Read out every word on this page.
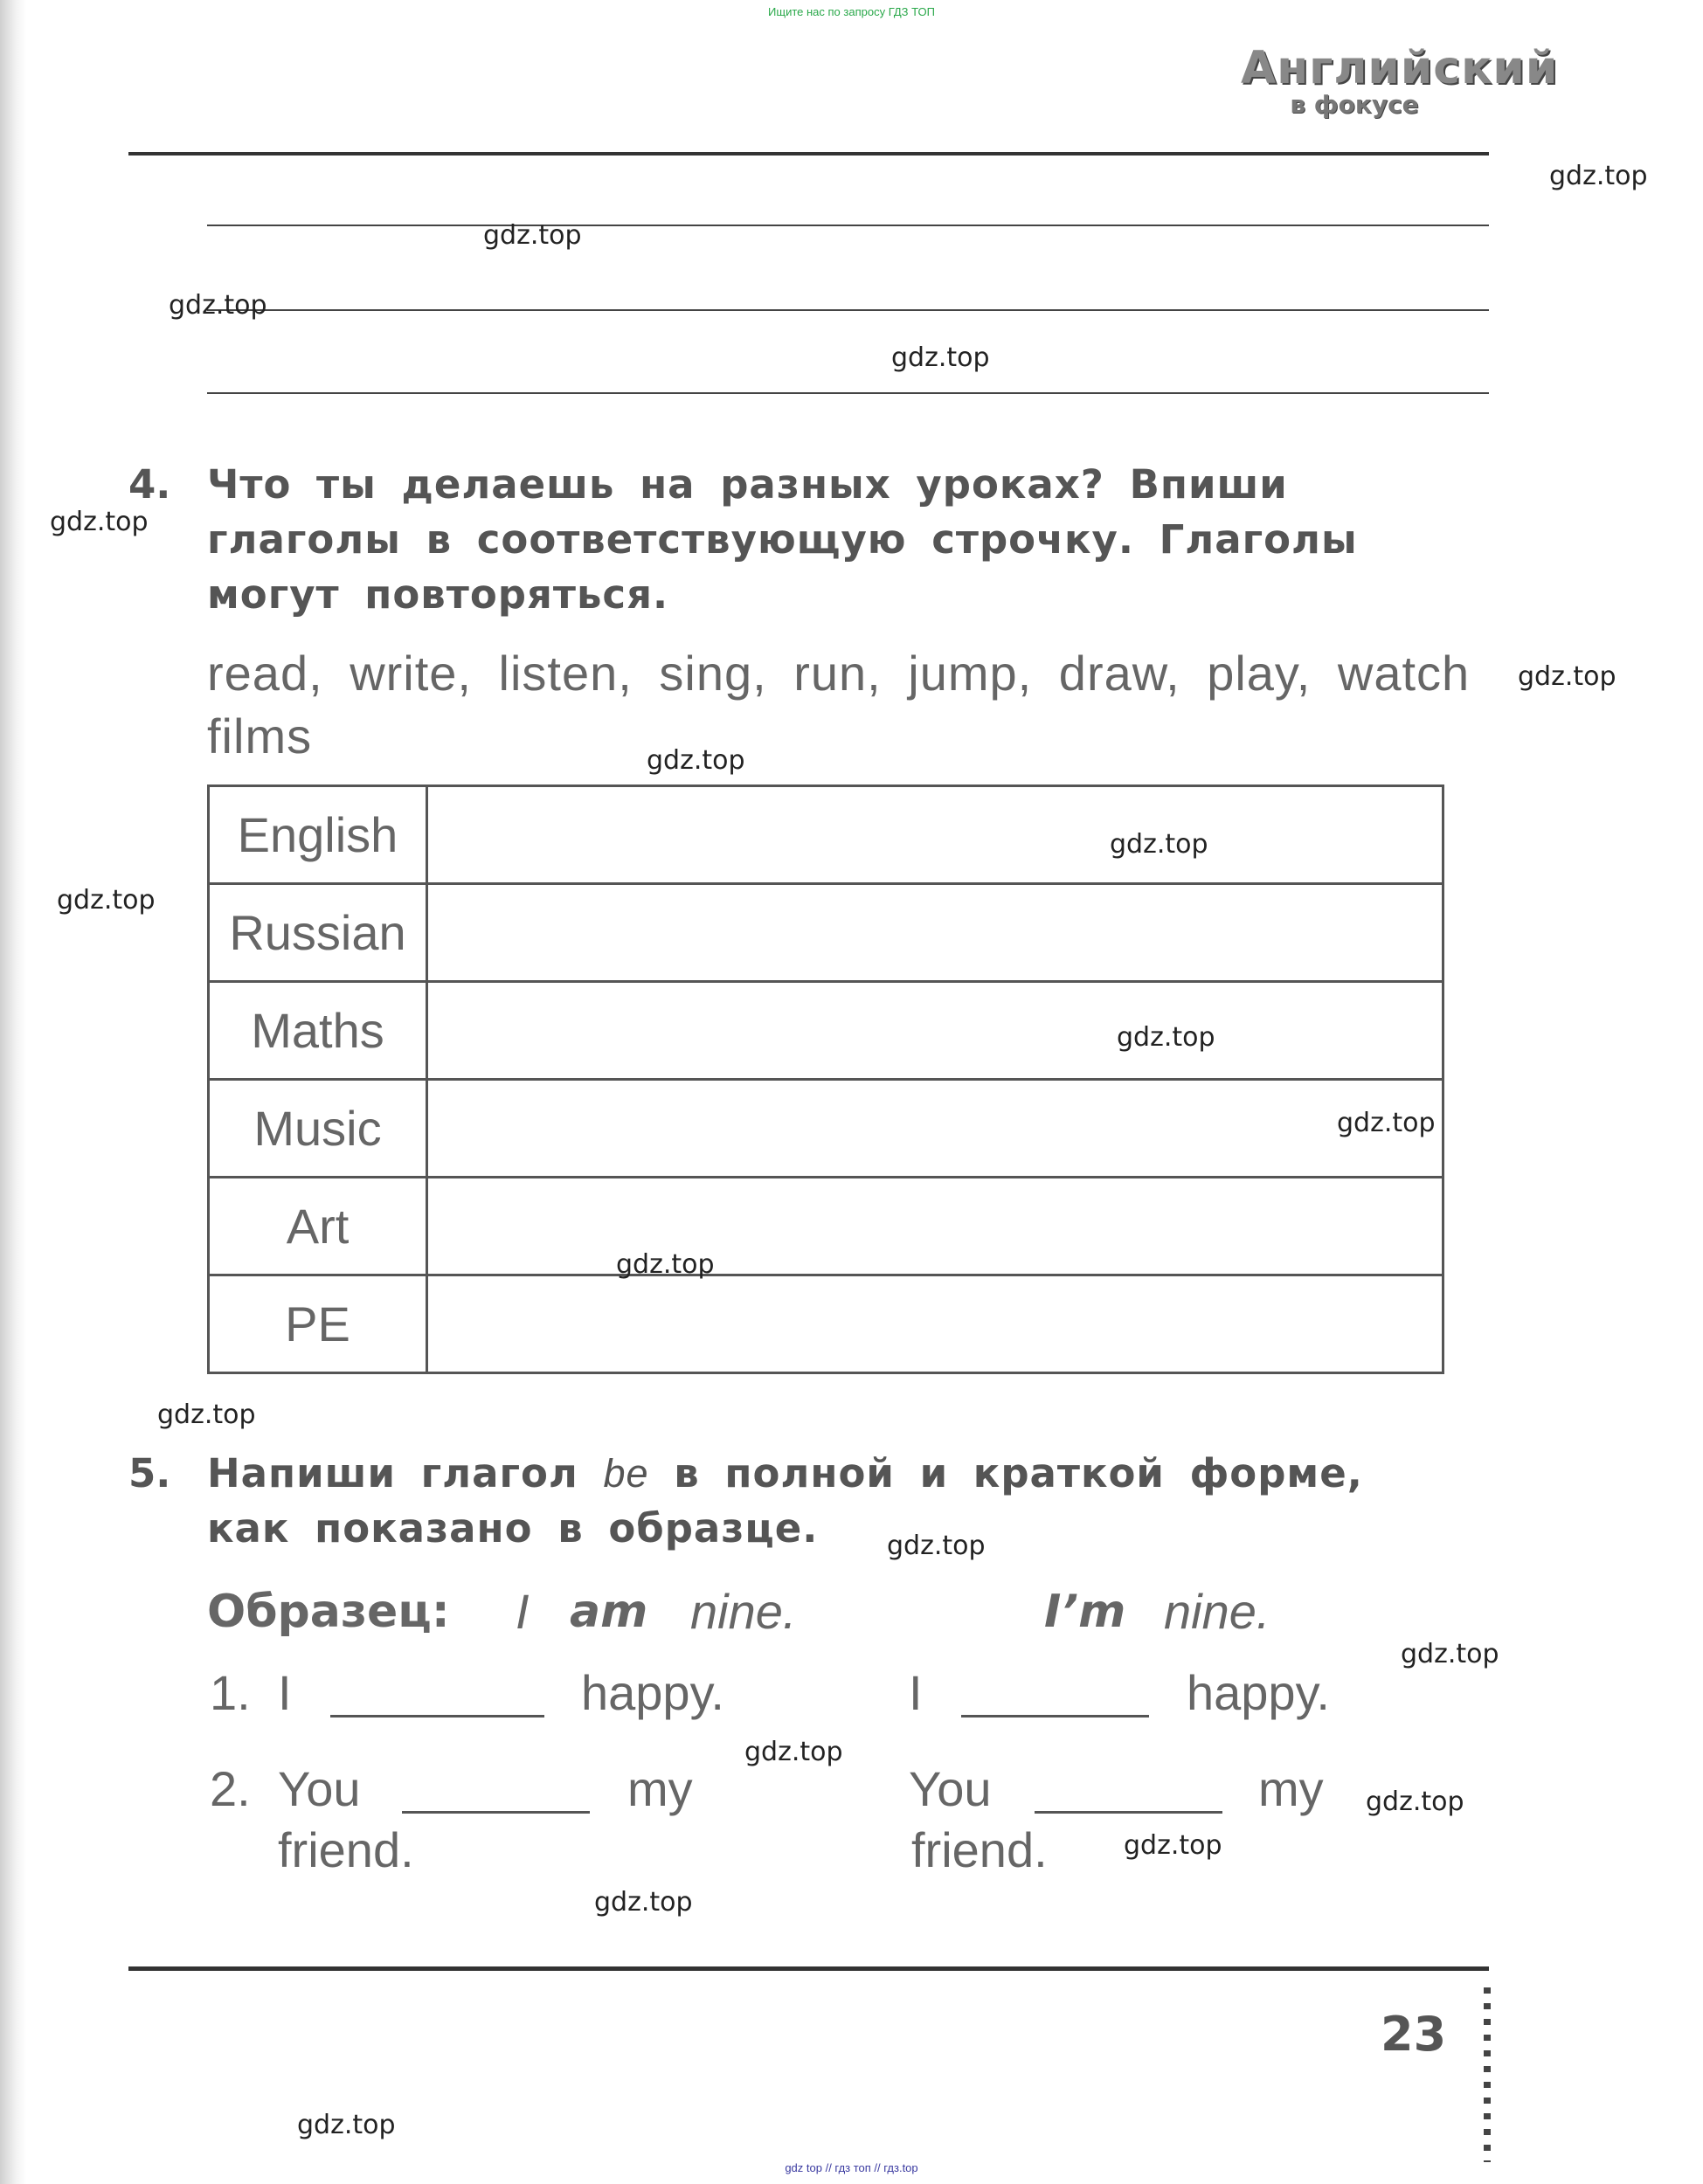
Ищите нас по запросу ГДЗ ТОП
Английский
в фокусе
4. Что ты делаешь на разных уроках? Впиши глаголы в соответствующую строчку. Глаголы могут повторяться.
read, write, listen, sing, run, jump, draw, play, watch films
English	
Russian	
Maths	
Music	
Art	
PE	
5. Напиши глагол be в полной и краткой форме, как показано в образце.
Образец: I am nine.	I’m nine.
1. I	happy.	I	happy.
2. You	my
friend.
You	my
friend.
23
gdz top // гдз топ // гдз.top
gdz.top
gdz.top
gdz.top
gdz.top
gdz.top
gdz.top
gdz.top
gdz.top
gdz.top
gdz.top
gdz.top
gdz.top
gdz.top
gdz.top
gdz.top
gdz.top
gdz.top
gdz.top
gdz.top
gdz.top
